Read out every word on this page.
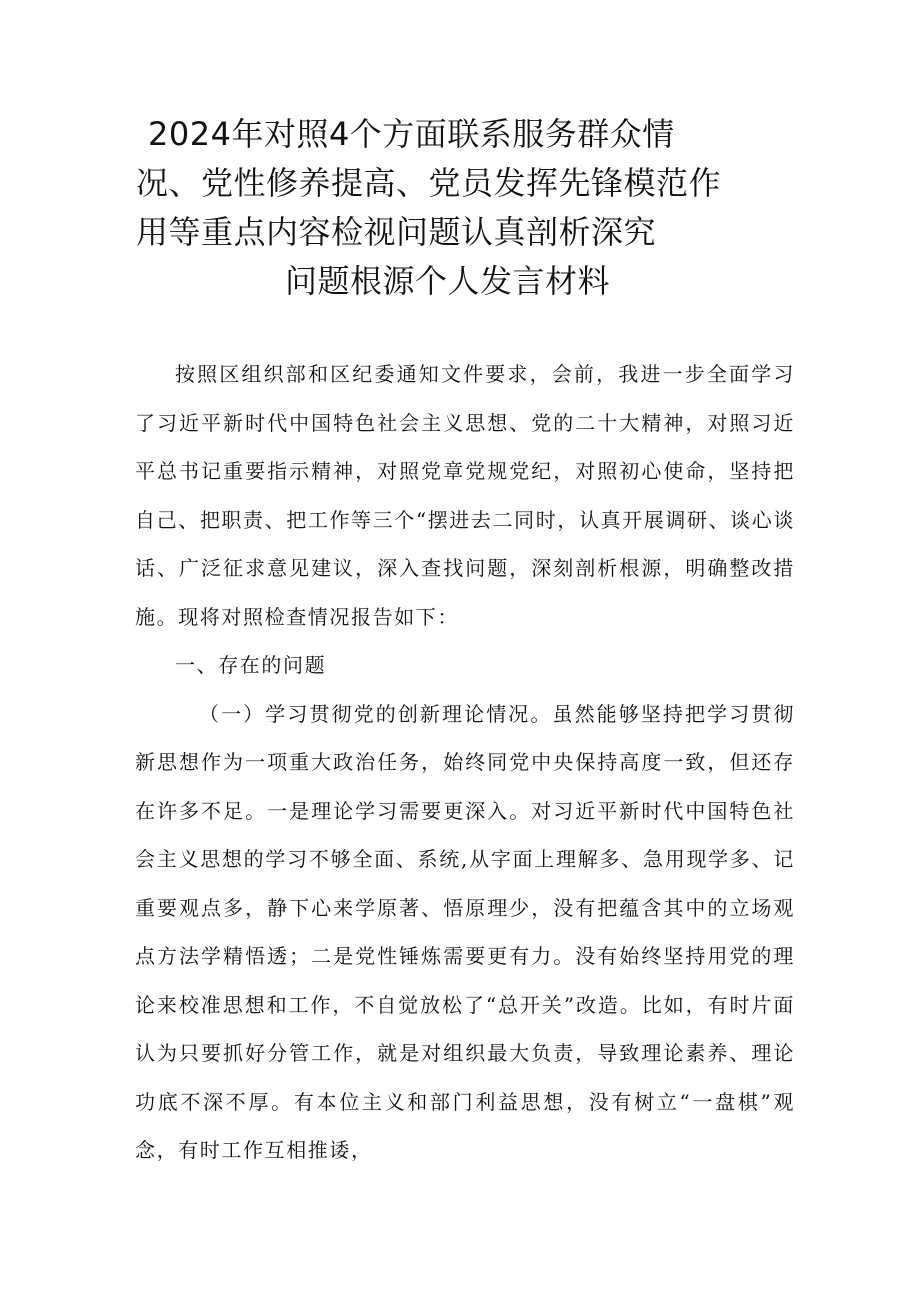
2024年对照4个方面联系服务群众情
况、党性修养提高、党员发挥先锋模范作
用等重点内容检视问题认真剖析深究
问题根源个人发言材料

按照区组织部和区纪委通知文件要求，会前，我进一步全面学习了习近平新时代中国特色社会主义思想、党的二十大精神，对照习近平总书记重要指示精神，对照党章党规党纪，对照初心使命，坚持把自己、把职责、把工作等三个“摆进去二同时，认真开展调研、谈心谈话、广泛征求意见建议，深入查找问题，深刻剖析根源，明确整改措施。现将对照检查情况报告如下：

一、存在的问题

（一）学习贯彻党的创新理论情况。虽然能够坚持把学习贯彻新思想作为一项重大政治任务，始终同党中央保持高度一致，但还存在许多不足。一是理论学习需要更深入。对习近平新时代中国特色社会主义思想的学习不够全面、系统,从字面上理解多、急用现学多、记重要观点多，静下心来学原著、悟原理少，没有把蕴含其中的立场观点方法学精悟透；二是党性锤炼需要更有力。没有始终坚持用党的理论来校准思想和工作，不自觉放松了“总开关”改造。比如，有时片面认为只要抓好分管工作，就是对组织最大负责，导致理论素养、理论功底不深不厚。有本位主义和部门利益思想，没有树立“一盘棋”观念，有时工作互相推诿，
